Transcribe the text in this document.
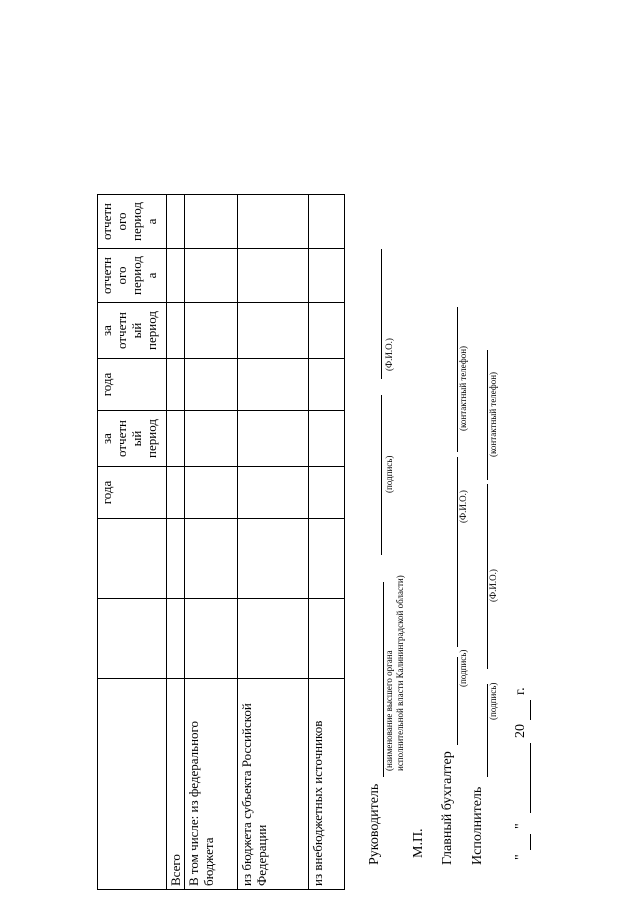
			года	за отчетн ый период	года	за отчетн ый период	отчетн ого период а	отчетн ого период а
Всего								
В том числе: из федерального бюджета								
из бюджета субъекта Российской Федерации								
из внебюджетных источников									Руководитель
(наименование высшего органа исполнительной власти Калининградской области)
(подпись)
(Ф.И.О.)
М.П. Главный бухгалтер
(подпись)
(Ф.И.О.)
(контактный телефон)
Исполнитель
(подпись)
(Ф.И.О.)
(контактный телефон)
"
"
20
г.
